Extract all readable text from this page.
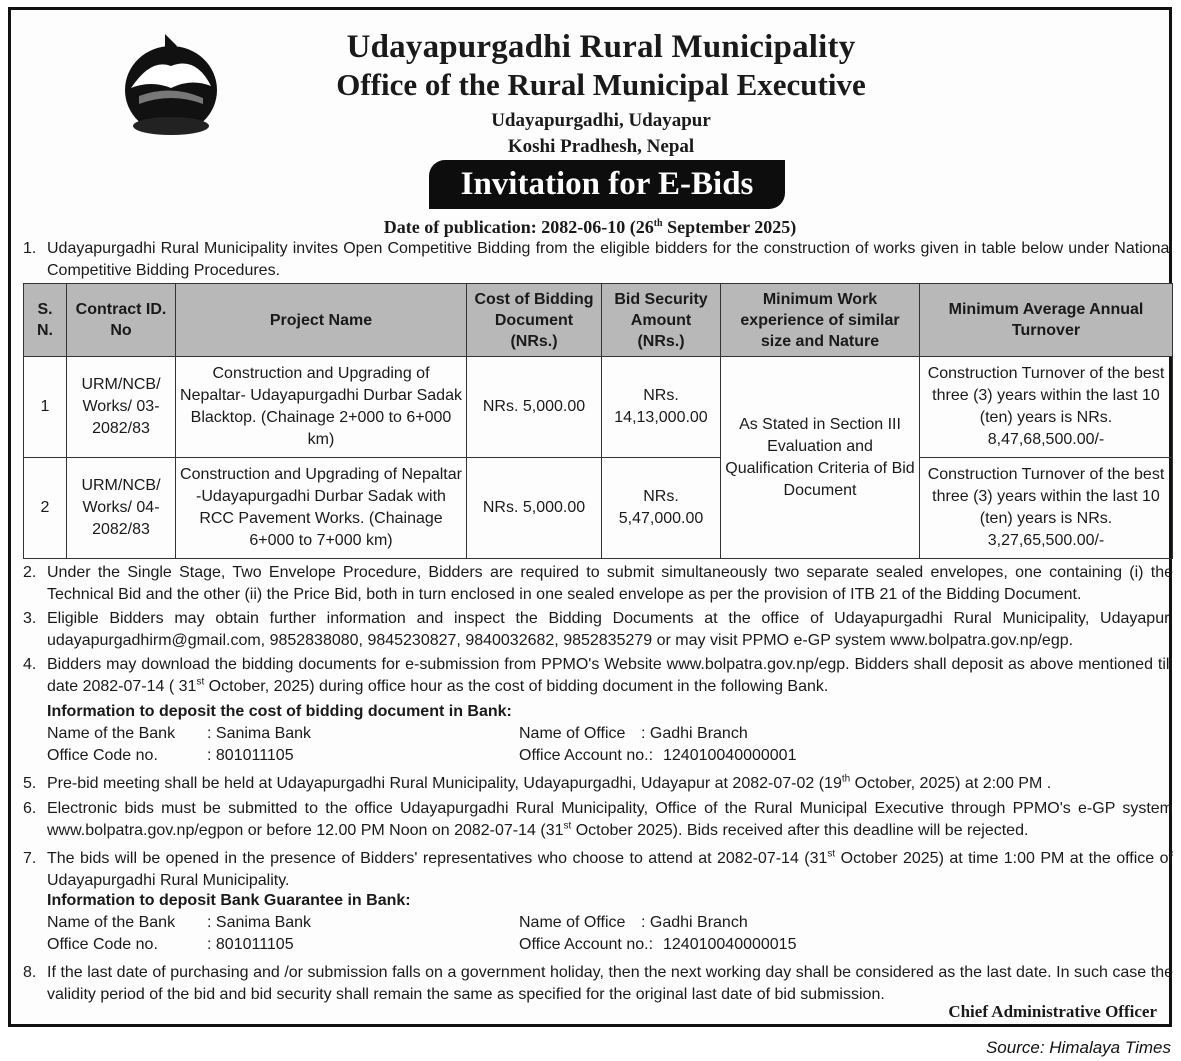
Udayapurgadhi Rural Municipality
Office of the Rural Municipal Executive
Udayapurgadhi, Udayapur
Koshi Pradhesh, Nepal
Invitation for E-Bids
Date of publication: 2082-06-10 (26th September 2025)
1. Udayapurgadhi Rural Municipality invites Open Competitive Bidding from the eligible bidders for the construction of works given in table below under National Competitive Bidding Procedures.
S. N.	Contract ID. No	Project Name	Cost of Bidding Document (NRs.)	Bid Security Amount (NRs.)	Minimum Work experience of similar size and Nature	Minimum Average Annual Turnover
1	URM/NCB/ Works/ 03-2082/83	Construction and Upgrading of Nepaltar- Udayapurgadhi Durbar Sadak Blacktop. (Chainage 2+000 to 6+000 km)	NRs. 5,000.00	NRs. 14,13,000.00	As Stated in Section III Evaluation and Qualification Criteria of Bid Document	Construction Turnover of the best three (3) years within the last 10 (ten) years is NRs. 8,47,68,500.00/-
2	URM/NCB/ Works/ 04-2082/83	Construction and Upgrading of Nepaltar -Udayapurgadhi Durbar Sadak with RCC Pavement Works. (Chainage 6+000 to 7+000 km)	NRs. 5,000.00	NRs. 5,47,000.00		Construction Turnover of the best three (3) years within the last 10 (ten) years is NRs. 3,27,65,500.00/-
2. Under the Single Stage, Two Envelope Procedure, Bidders are required to submit simultaneously two separate sealed envelopes, one containing (i) the Technical Bid and the other (ii) the Price Bid, both in turn enclosed in one sealed envelope as per the provision of ITB 21 of the Bidding Document.
3. Eligible Bidders may obtain further information and inspect the Bidding Documents at the office of Udayapurgadhi Rural Municipality, Udayapur, udayapurgadhirm@gmail.com, 9852838080, 9845230827, 9840032682, 9852835279 or may visit PPMO e-GP system www.bolpatra.gov.np/egp.
4. Bidders may download the bidding documents for e-submission from PPMO's Website www.bolpatra.gov.np/egp. Bidders shall deposit as above mentioned till date 2082-07-14 ( 31st October, 2025) during office hour as the cost of bidding document in the following Bank.
Information to deposit the cost of bidding document in Bank:
Name of the Bank : Sanima Bank	Name of Office : Gadhi Branch
Office Code no.	: 801011105	Office Account no.: 124010040000001
5. Pre-bid meeting shall be held at Udayapurgadhi Rural Municipality, Udayapurgadhi, Udayapur at 2082-07-02 (19th October, 2025) at 2:00 PM .
6. Electronic bids must be submitted to the office Udayapurgadhi Rural Municipality, Office of the Rural Municipal Executive through PPMO's e-GP system www.bolpatra.gov.np/egpon or before 12.00 PM Noon on 2082-07-14 (31st October 2025). Bids received after this deadline will be rejected.
7. The bids will be opened in the presence of Bidders' representatives who choose to attend at 2082-07-14 (31st October 2025) at time 1:00 PM at the office of Udayapurgadhi Rural Municipality.
Information to deposit Bank Guarantee in Bank:
Name of the Bank : Sanima Bank	Name of Office : Gadhi Branch
Office Code no.	: 801011105	Office Account no.: 124010040000015
8. If the last date of purchasing and /or submission falls on a government holiday, then the next working day shall be considered as the last date. In such case the validity period of the bid and bid security shall remain the same as specified for the original last date of bid submission.
Chief Administrative Officer
Source: Himalaya Times
